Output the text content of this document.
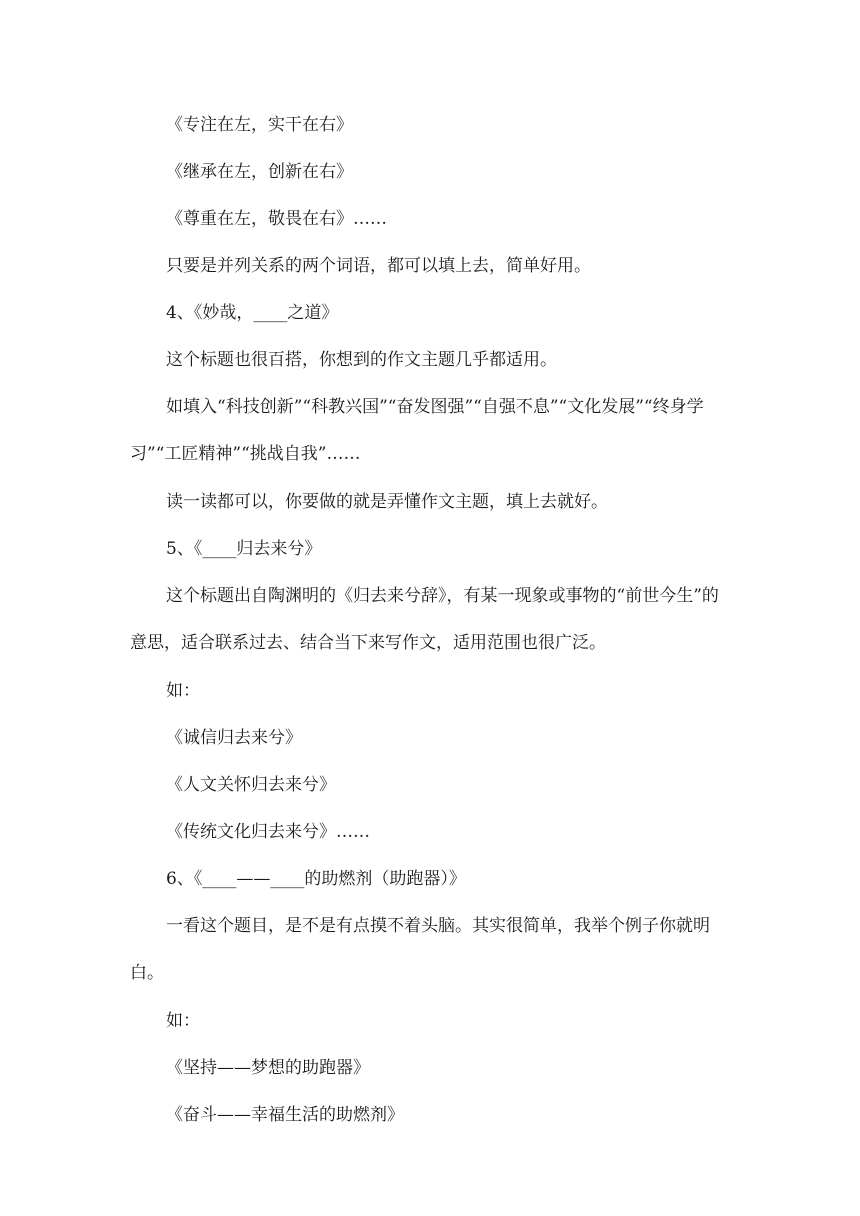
《专注在左，实干在右》

《继承在左，创新在右》

《尊重在左，敬畏在右》……

只要是并列关系的两个词语，都可以填上去，简单好用。

4、《妙哉，____之道》

这个标题也很百搭，你想到的作文主题几乎都适用。

如填入“科技创新”“科教兴国”“奋发图强”“自强不息”“文化发展”“终身学习”“工匠精神”“挑战自我”……

读一读都可以，你要做的就是弄懂作文主题，填上去就好。

5、《____归去来兮》

这个标题出自陶渊明的《归去来兮辞》，有某一现象或事物的“前世今生”的意思，适合联系过去、结合当下来写作文，适用范围也很广泛。

如：

《诚信归去来兮》

《人文关怀归去来兮》

《传统文化归去来兮》……

6、《____——____的助燃剂（助跑器）》

一看这个题目，是不是有点摸不着头脑。其实很简单，我举个例子你就明白。

如：

《坚持——梦想的助跑器》

《奋斗——幸福生活的助燃剂》
